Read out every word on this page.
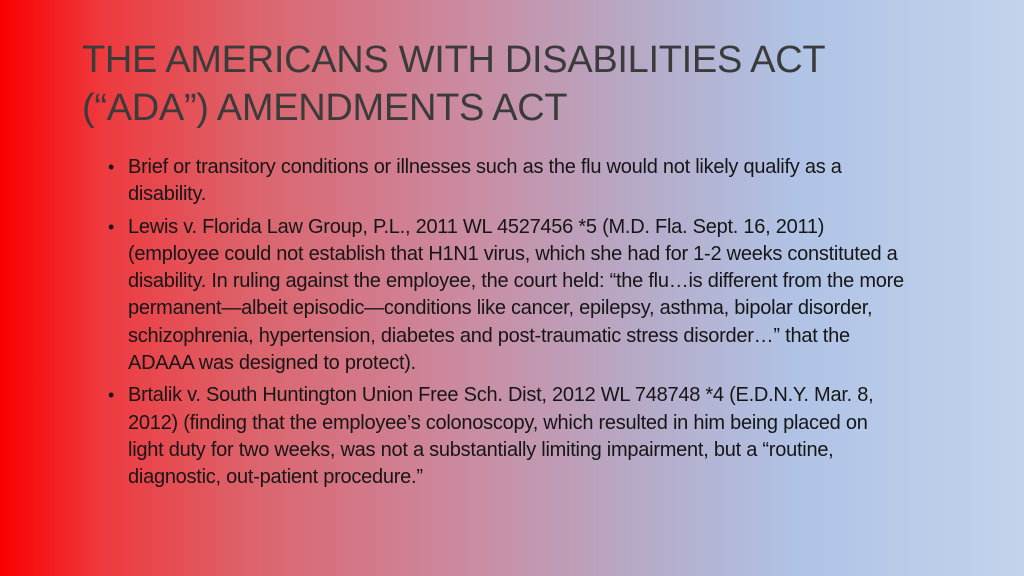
THE AMERICANS WITH DISABILITIES ACT
(“ADA”) AMENDMENTS ACT
• Brief or transitory conditions or illnesses such as the flu would not likely qualify as a disability.
• Lewis v. Florida Law Group, P.L., 2011 WL 4527456 *5 (M.D. Fla. Sept. 16, 2011) (employee could not establish that H1N1 virus, which she had for 1-2 weeks constituted a disability. In ruling against the employee, the court held: “the flu…is different from the more permanent—albeit episodic—conditions like cancer, epilepsy, asthma, bipolar disorder, schizophrenia, hypertension, diabetes and post-traumatic stress disorder…” that the ADAAA was designed to protect).
• Brtalik v. South Huntington Union Free Sch. Dist, 2012 WL 748748 *4 (E.D.N.Y. Mar. 8, 2012) (finding that the employee’s colonoscopy, which resulted in him being placed on light duty for two weeks, was not a substantially limiting impairment, but a “routine, diagnostic, out-patient procedure.”
